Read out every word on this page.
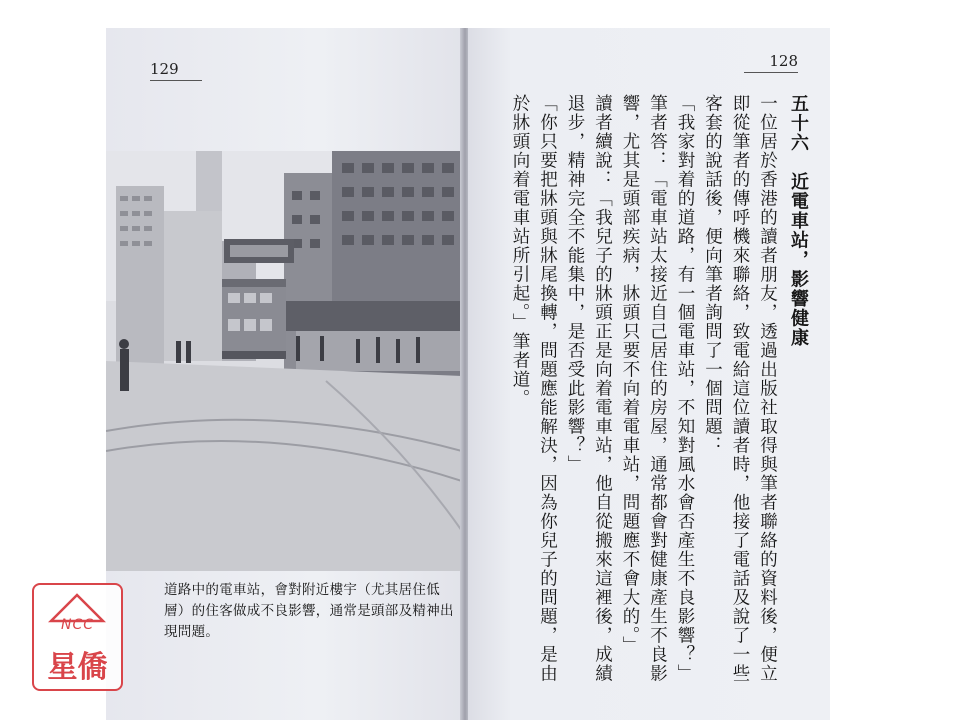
129
道路中的電車站，會對附近樓宇（尤其居住低層）的住客做成不良影響，通常是頭部及精神出現問題。
128
五十六　近電車站，影響健康
一位居於香港的讀者朋友，透過出版社取得與筆者聯絡的資料後，便立即從筆者的傳呼機來聯絡，致電給這位讀者時，他接了電話及說了一些客套的說話後，便向筆者詢問了一個問題：
「我家對着的道路，有一個電車站，不知對風水會否產生不良影響？」
筆者答：「電車站太接近自己居住的房屋，通常都會對健康產生不良影響，尤其是頭部疾病，牀頭只要不向着電車站，問題應不會大的。」
讀者續說：「我兒子的牀頭正是向着電車站，他自從搬來這裡後，成績退步，精神完全不能集中，是否受此影響？」
「你只要把牀頭與牀尾換轉，問題應能解決，因為你兒子的問題，是由於牀頭向着電車站所引起。」筆者道。
NCC
星僑
